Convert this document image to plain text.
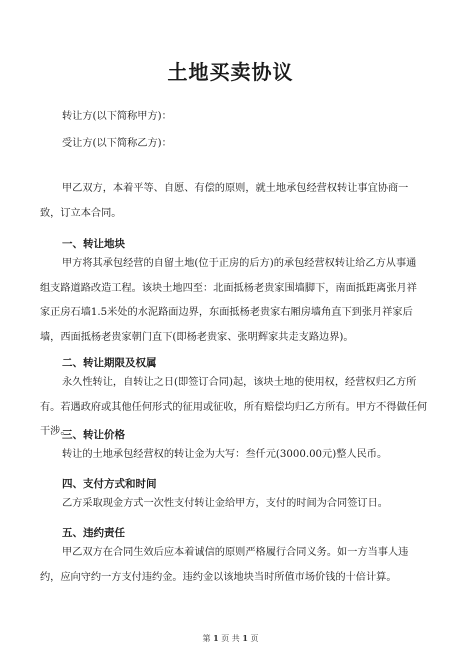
土地买卖协议
转让方(以下简称甲方)：
受让方(以下简称乙方)：
甲乙双方，本着平等、自愿、有偿的原则，就土地承包经营权转让事宜协商一致，订立本合同。
一、转让地块
甲方将其承包经营的自留土地(位于正房的后方)的承包经营权转让给乙方从事通组支路道路改造工程。该块土地四至：北面抵杨老贵家围墙脚下，南面抵距离张月祥家正房石墙1.5米处的水泥路面边界，东面抵杨老贵家右厢房墙角直下到张月祥家后墙，西面抵杨老贵家朝门直下(即杨老贵家、张明辉家共走支路边界)。
二、转让期限及权属
永久性转让，自转让之日(即签订合同)起，该块土地的使用权，经营权归乙方所有。若遇政府或其他任何形式的征用或征收，所有赔偿均归乙方所有。甲方不得做任何干涉。
三、转让价格
转让的土地承包经营权的转让金为大写：叁仟元(3000.00元)整人民币。
四、支付方式和时间
乙方采取现金方式一次性支付转让金给甲方，支付的时间为合同签订日。
五、违约责任
甲乙双方在合同生效后应本着诚信的原则严格履行合同义务。如一方当事人违约，应向守约一方支付违约金。违约金以该地块当时所值市场价钱的十倍计算。
第 1 页 共 1 页
